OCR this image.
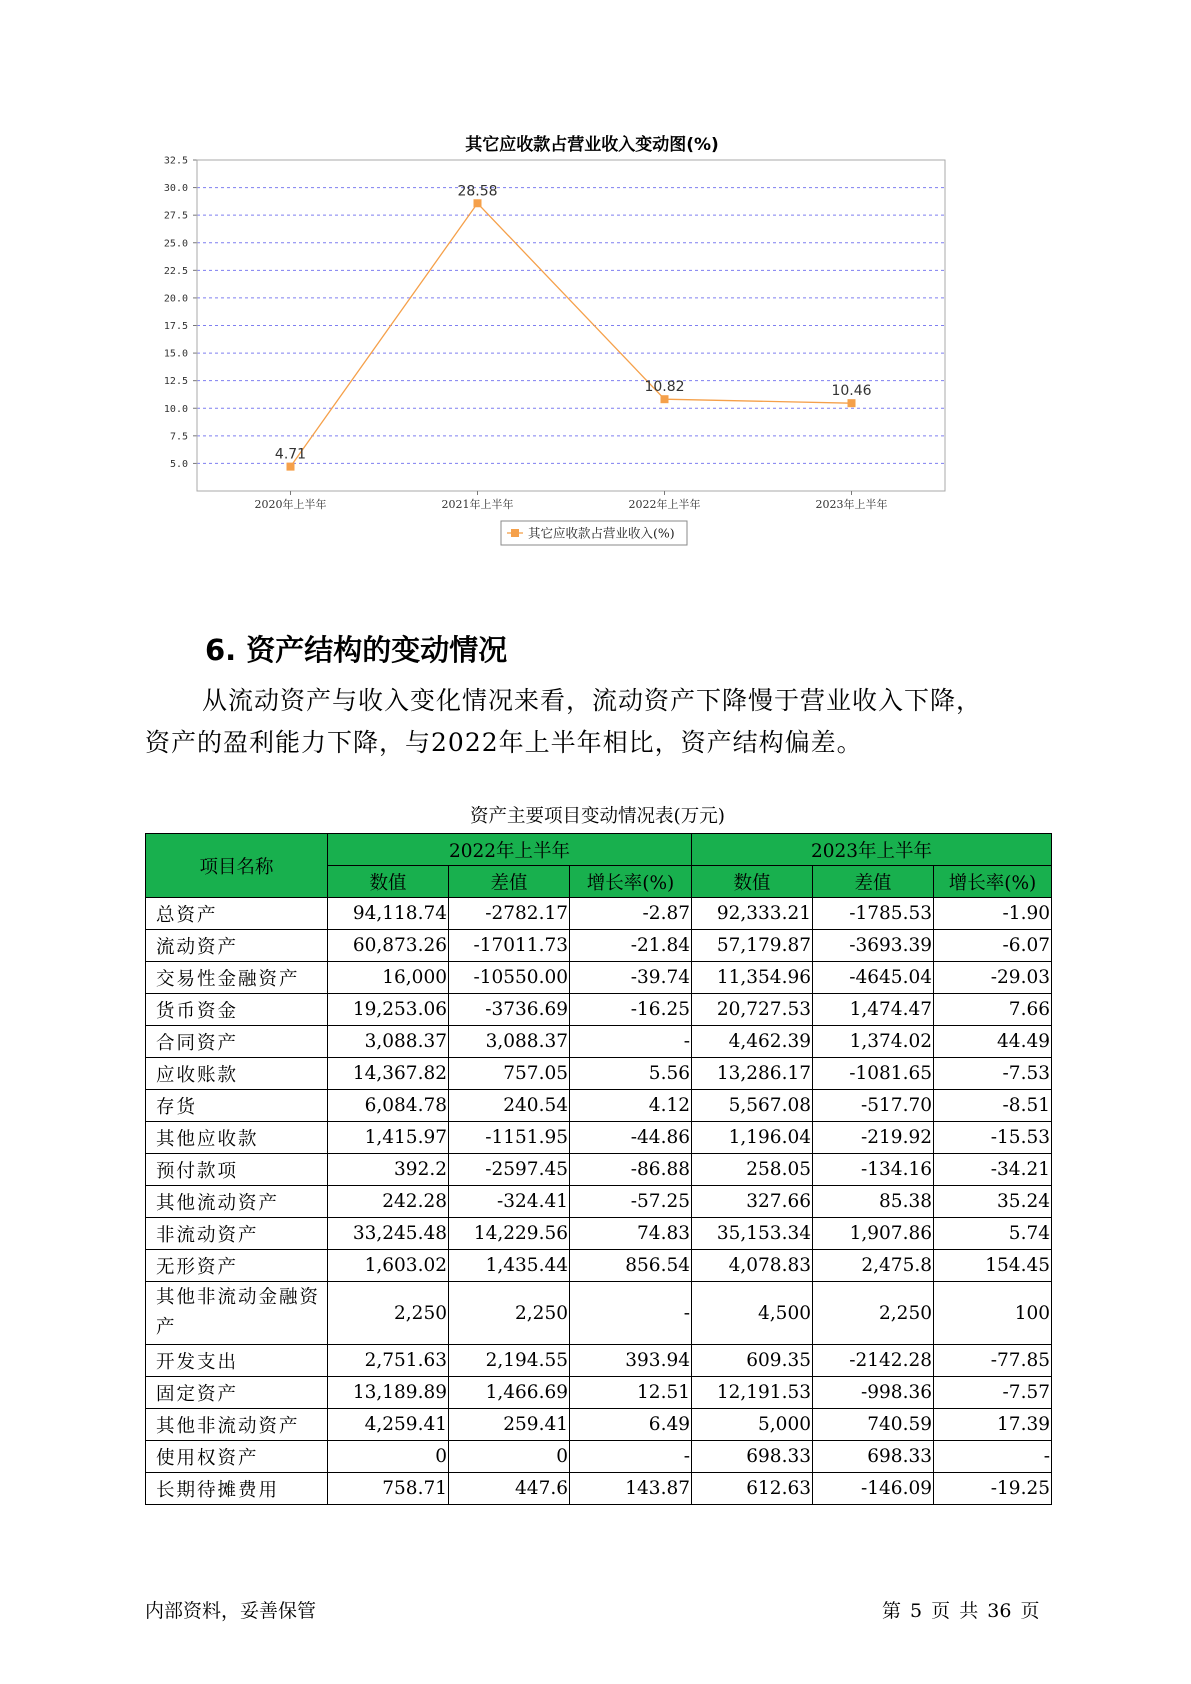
其它应收款占营业收入变动图(%)
5.0
7.5
10.0
12.5
15.0
17.5
20.0
22.5
25.0
27.5
30.0
32.5
2020年上半年	2021年上半年	2022年上半年	2023年上半年
4.71
28.58
10.82	10.46
其它应收款占营业收入(%)
6. 资产结构的变动情况

从流动资产与收入变化情况来看，流动资产下降慢于营业收入下降，

资产的盈利能力下降，与2022年上半年相比，资产结构偏差。

资产主要项目变动情况表(万元)
项目名称	2022年上半年			2023年上半年		
	数值	差值	增长率(%)	数值	差值	增长率(%)
总资产	94,118.74	-2782.17	-2.87	92,333.21	-1785.53	-1.90
流动资产	60,873.26	-17011.73	-21.84	57,179.87	-3693.39	-6.07
交易性金融资产	16,000	-10550.00	-39.74	11,354.96	-4645.04	-29.03
货币资金	19,253.06	-3736.69	-16.25	20,727.53	1,474.47	7.66
合同资产	3,088.37	3,088.37	-	4,462.39	1,374.02	44.49
应收账款	14,367.82	757.05	5.56	13,286.17	-1081.65	-7.53
存货	6,084.78	240.54	4.12	5,567.08	-517.70	-8.51
其他应收款	1,415.97	-1151.95	-44.86	1,196.04	-219.92	-15.53
预付款项	392.2	-2597.45	-86.88	258.05	-134.16	-34.21
其他流动资产	242.28	-324.41	-57.25	327.66	85.38	35.24
非流动资产	33,245.48	14,229.56	74.83	35,153.34	1,907.86	5.74
无形资产	1,603.02	1,435.44	856.54	4,078.83	2,475.8	154.45
其他非流动金融资产	2,250	2,250	-	4,500	2,250	100
开发支出	2,751.63	2,194.55	393.94	609.35	-2142.28	-77.85
固定资产	13,189.89	1,466.69	12.51	12,191.53	-998.36	-7.57
其他非流动资产	4,259.41	259.41	6.49	5,000	740.59	17.39
使用权资产	0	0	-	698.33	698.33	-
长期待摊费用	758.71	447.6	143.87	612.63	-146.09	-19.25
内部资料，妥善保管	第 5 页 共 36 页
